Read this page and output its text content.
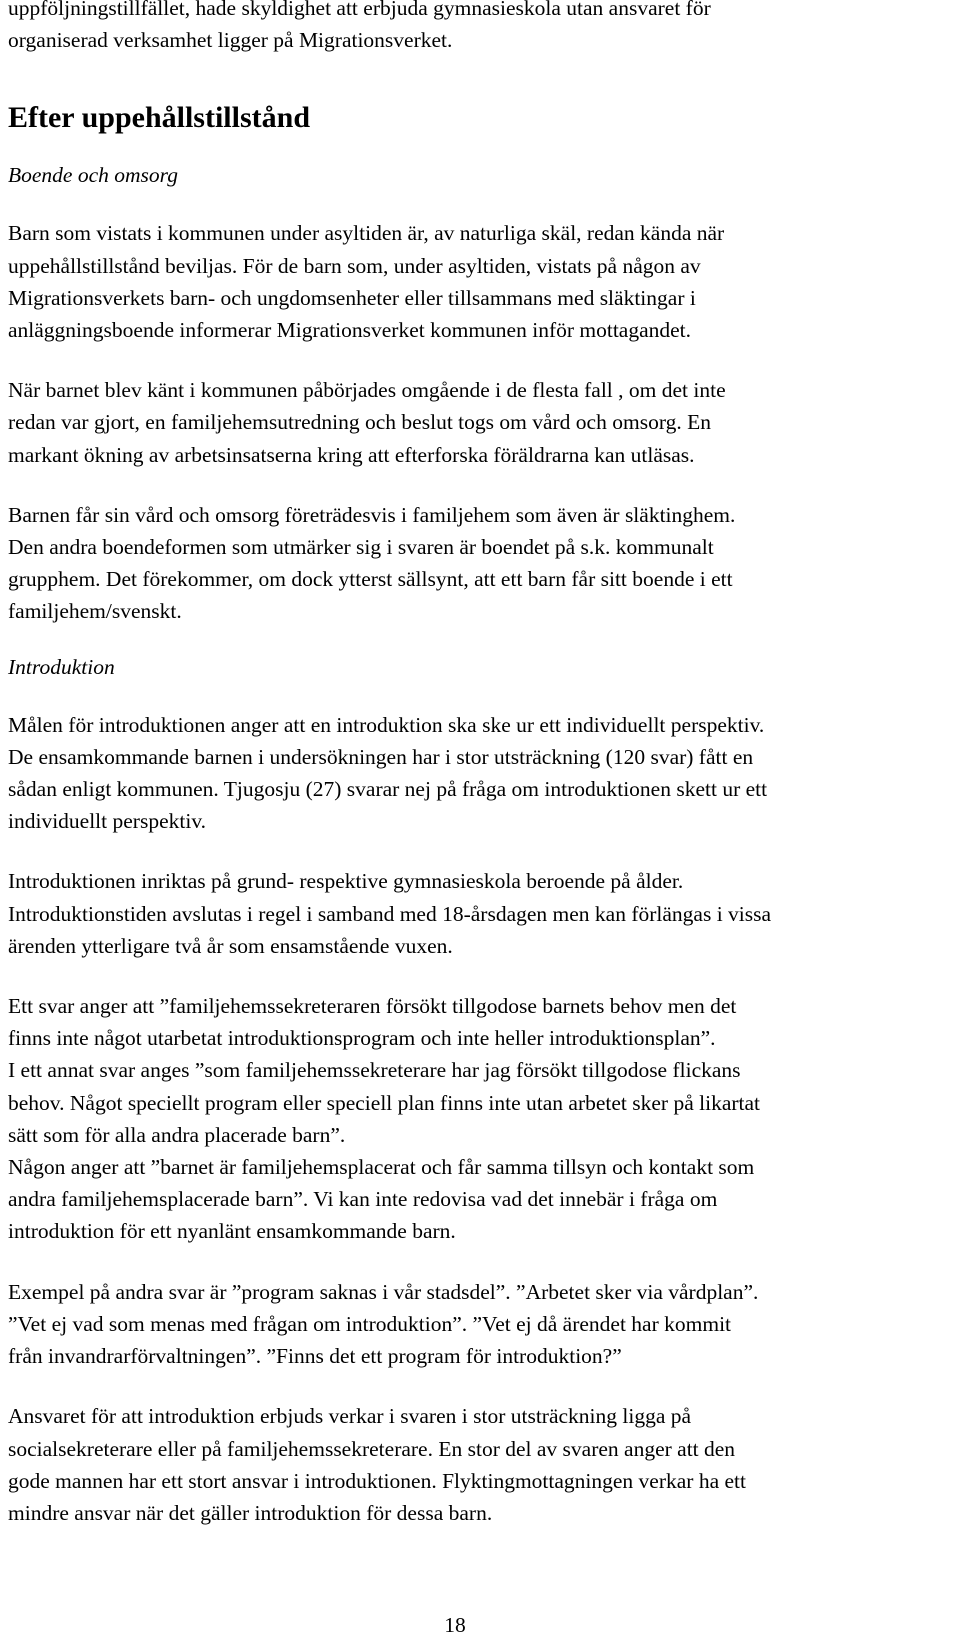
uppföljningstillfället, hade skyldighet att erbjuda gymnasieskola utan ansvaret för

organiserad verksamhet ligger på Migrationsverket.

Efter uppehållstillstånd

Boende och omsorg

Barn som vistats i kommunen under asyltiden är, av naturliga skäl, redan kända när

uppehållstillstånd beviljas. För de barn som, under asyltiden, vistats på någon av

Migrationsverkets barn- och ungdomsenheter eller tillsammans med släktingar i

anläggningsboende informerar Migrationsverket kommunen inför mottagandet.

När barnet blev känt i kommunen påbörjades omgående i de flesta fall , om det inte

redan var gjort, en familjehemsutredning och beslut togs om vård och omsorg. En

markant ökning av arbetsinsatserna kring att efterforska föräldrarna kan utläsas.

Barnen får sin vård och omsorg företrädesvis i familjehem som även är släktinghem.

Den andra boendeformen som utmärker sig i svaren är boendet på s.k. kommunalt

grupphem. Det förekommer, om dock ytterst sällsynt, att ett barn får sitt boende i ett

familjehem/svenskt.

Introduktion

Målen för introduktionen anger att en introduktion ska ske ur ett individuellt perspektiv.

De ensamkommande barnen i undersökningen har i stor utsträckning (120 svar) fått en

sådan enligt kommunen. Tjugosju (27) svarar nej på fråga om introduktionen skett ur ett

individuellt perspektiv.

Introduktionen inriktas på grund- respektive gymnasieskola beroende på ålder.

Introduktionstiden avslutas i regel i samband med 18-årsdagen men kan förlängas i vissa

ärenden ytterligare två år som ensamstående vuxen.

Ett svar anger att ”familjehemssekreteraren försökt tillgodose barnets behov men det

finns inte något utarbetat introduktionsprogram och inte heller introduktionsplan”.

I ett annat svar anges ”som familjehemssekreterare har jag försökt tillgodose flickans

behov. Något speciellt program eller speciell plan finns inte utan arbetet sker på likartat

sätt som för alla andra placerade barn”.

Någon anger att ”barnet är familjehemsplacerat och får samma tillsyn och kontakt som

andra familjehemsplacerade barn”. Vi kan inte redovisa vad det innebär i fråga om

introduktion för ett nyanlänt ensamkommande barn.

Exempel på andra svar är ”program saknas i vår stadsdel”. ”Arbetet sker via vårdplan”.

”Vet ej vad som menas med frågan om introduktion”. ”Vet ej då ärendet har kommit

från invandrarförvaltningen”. ”Finns det ett program för introduktion?”

Ansvaret för att introduktion erbjuds verkar i svaren i stor utsträckning ligga på

socialsekreterare eller på familjehemssekreterare. En stor del av svaren anger att den

gode mannen har ett stort ansvar i introduktionen. Flyktingmottagningen verkar ha ett

mindre ansvar när det gäller introduktion för dessa barn.

18
